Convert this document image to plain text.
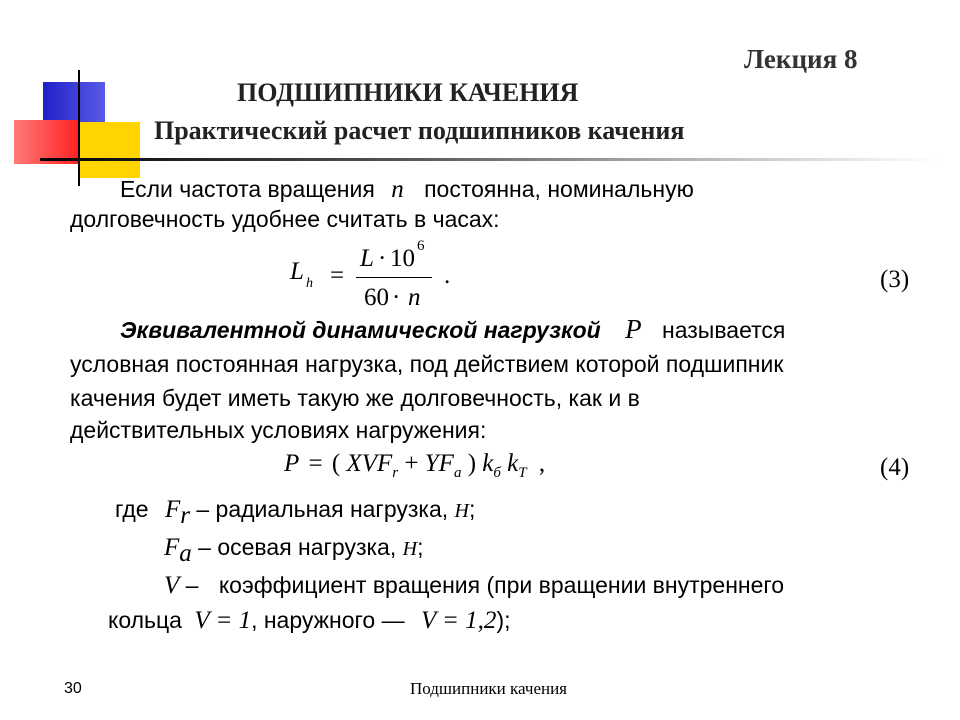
Лекция 8
ПОДШИПНИКИ КАЧЕНИЯ
Практический расчет подшипников качения
Если частота вращения n постоянна, номинальную
долговечность удобнее считать в часах:
L h =
L · 10 6
60 · n
.	(3)
Эквивалентной динамической нагрузкой P называется
условная постоянная нагрузка, под действием которой подшипник
качения будет иметь такую же долговечность, как и в
действительных условиях нагружения:
P = ( $XVF_r + YF_a$ ) $k_б$ $k_T$ ,	(4)
где Fr – радиальная нагрузка, H;
Fa – осевая нагрузка, H;
V – коэффициент вращения (при вращении внутреннего
кольца V = 1, наружного — V = 1,2);
30	Подшипники качения
